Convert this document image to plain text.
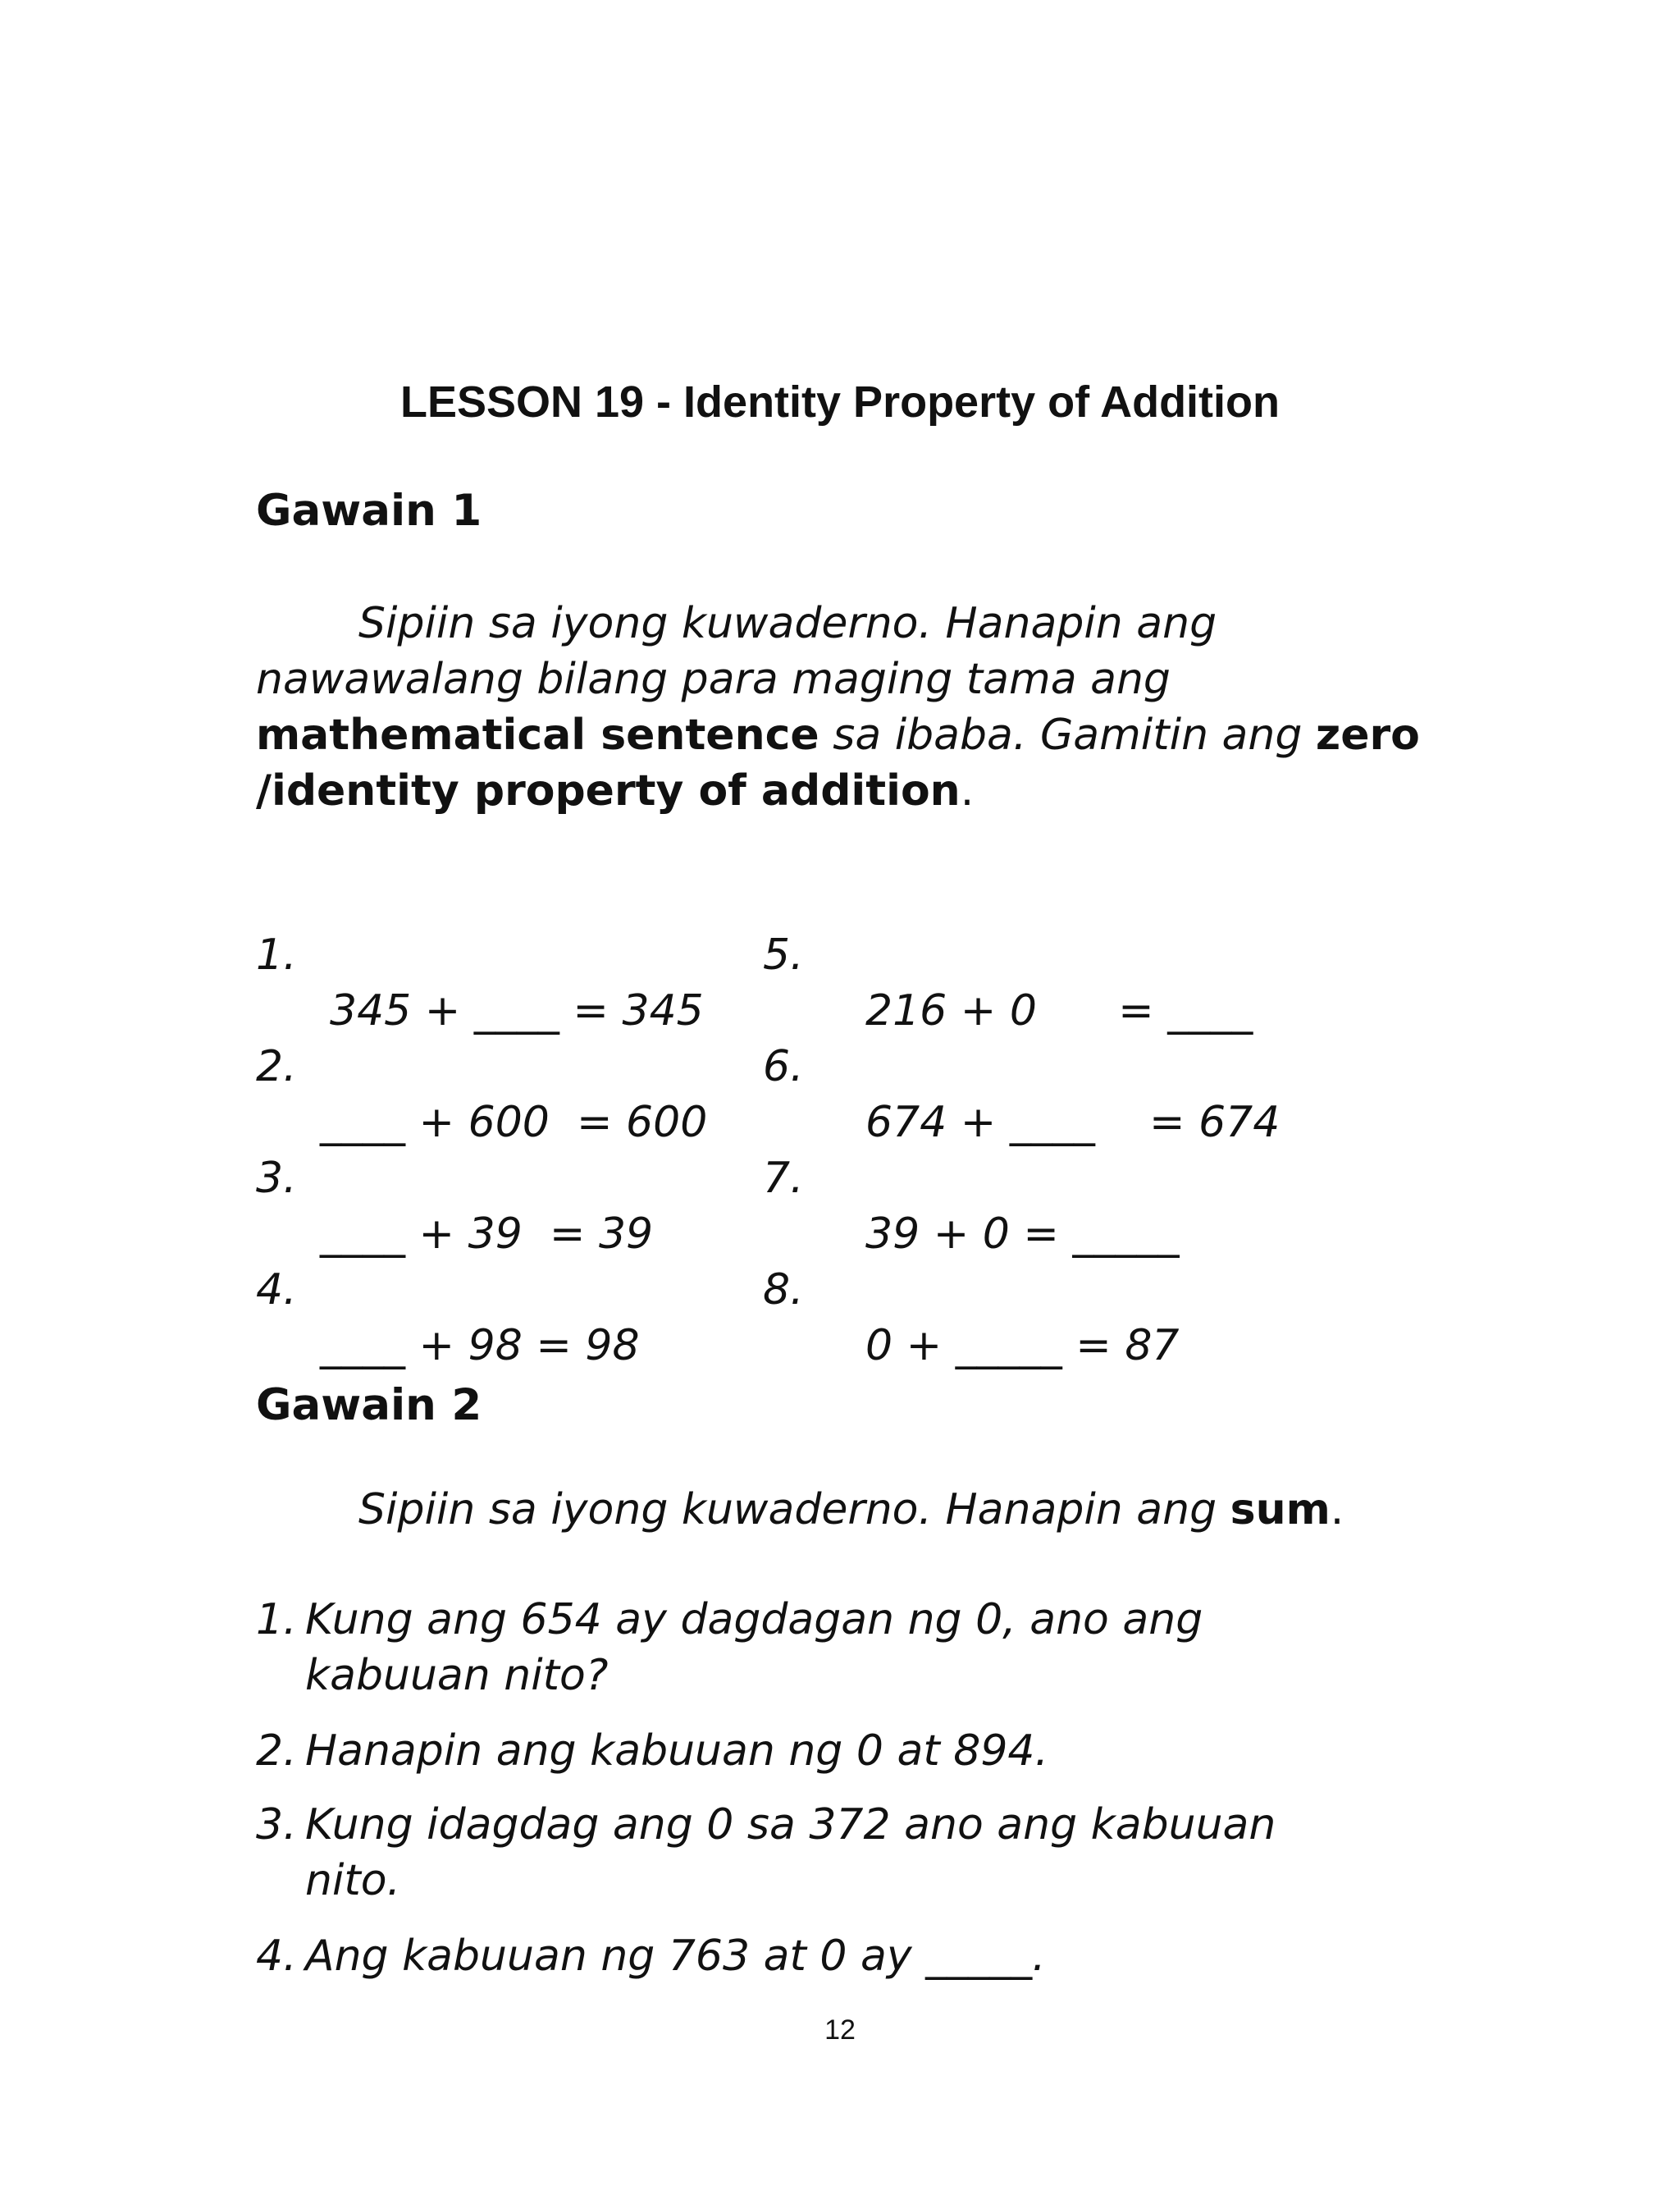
LESSON 19 - Identity Property of Addition
Gawain 1
Sipiin sa iyong kuwaderno. Hanapin ang nawawalang bilang para maging tama ang mathematical sentence sa ibaba. Gamitin ang zero /identity property of addition.

1.

345 + ____ = 345

2.

____ + 600  = 600

3.

____ + 39  = 39

4.

____ + 98 = 98

5.

216 + 0      = ____

6.

674 + ____    = 674

7.

39 + 0 = _____

8.

0 + _____ = 87

Gawain 2
Sipiin sa iyong kuwaderno. Hanapin ang sum.
1. Kung ang 654 ay dagdagan ng 0, ano ang
kabuuan nito?
2. Hanapin ang kabuuan ng 0 at 894.
3. Kung idagdag ang 0 sa 372 ano ang kabuuan
nito.
4. Ang kabuuan ng 763 at 0 ay _____.
12
